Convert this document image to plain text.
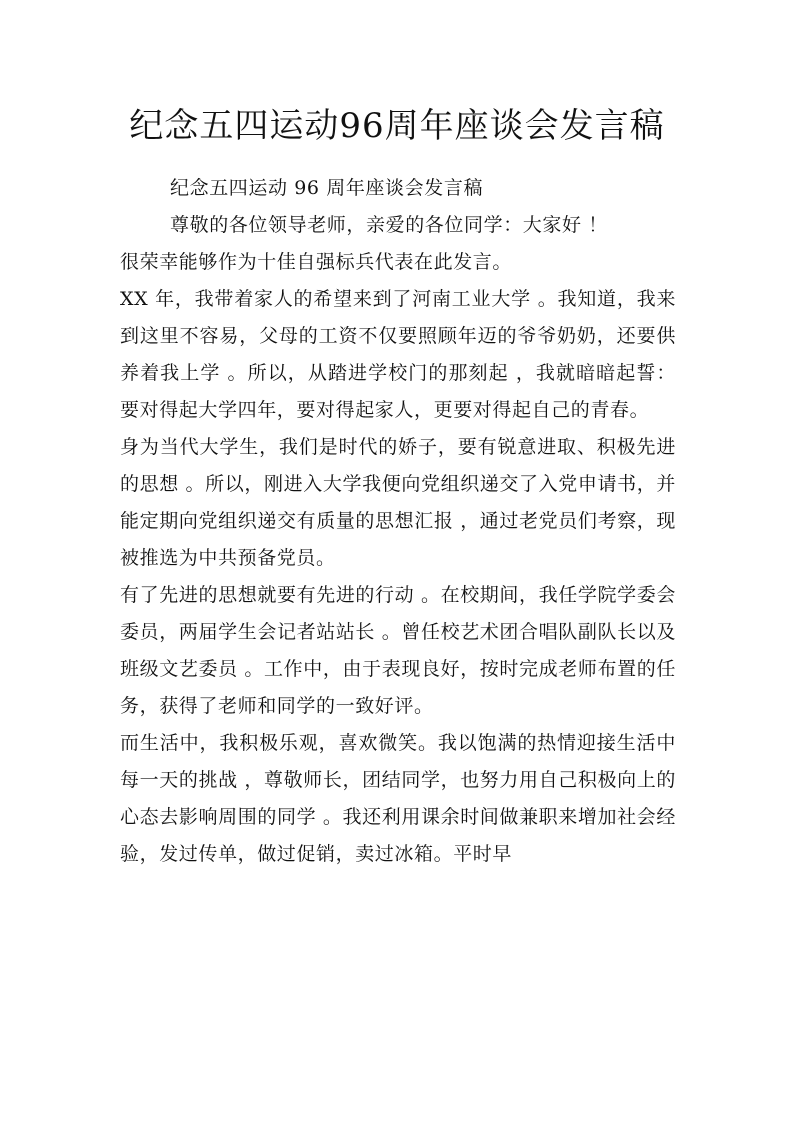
纪念五四运动96周年座谈会发言稿

纪念五四运动 96 周年座谈会发言稿

尊敬的各位领导老师，亲爱的各位同学：大家好 ！

很荣幸能够作为十佳自强标兵代表在此发言。

XX 年，我带着家人的希望来到了河南工业大学 。我知道，我来到这里不容易，父母的工资不仅要照顾年迈的爷爷奶奶，还要供养着我上学 。所以，从踏进学校门的那刻起 ，我就暗暗起誓：要对得起大学四年，要对得起家人，更要对得起自己的青春。

身为当代大学生，我们是时代的娇子，要有锐意进取、积极先进的思想 。所以，刚进入大学我便向党组织递交了入党申请书，并能定期向党组织递交有质量的思想汇报 ，通过老党员们考察，现被推选为中共预备党员。

有了先进的思想就要有先进的行动 。在校期间，我任学院学委会委员，两届学生会记者站站长 。曾任校艺术团合唱队副队长以及班级文艺委员 。工作中，由于表现良好，按时完成老师布置的任务，获得了老师和同学的一致好评。

而生活中，我积极乐观，喜欢微笑。我以饱满的热情迎接生活中每一天的挑战 ，尊敬师长，团结同学，也努力用自己积极向上的心态去影响周围的同学 。我还利用课余时间做兼职来增加社会经验，发过传单，做过促销，卖过冰箱。平时早
